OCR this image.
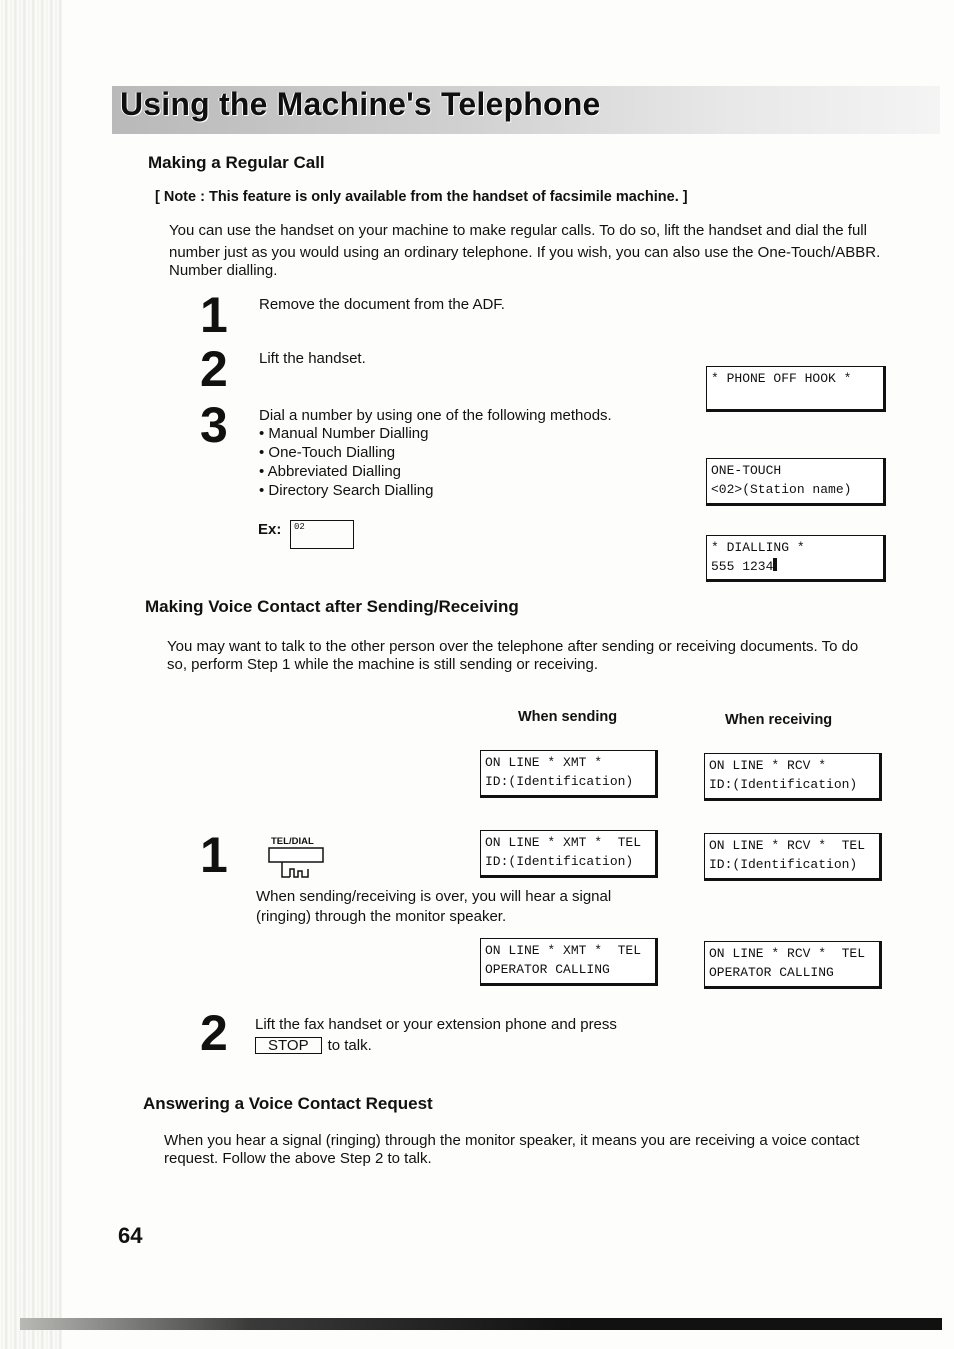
Using the Machine's Telephone
Making a Regular Call

[ Note : This feature is only available from the handset of facsimile machine. ]

You can use the handset on your machine to make regular calls. To do so, lift the handset and dial the full

number just as you would using an ordinary telephone. If you wish, you can also use the One-Touch/ABBR.

Number dialling.

1 Remove the document from the ADF.

2 Lift the handset.

3 Dial a number by using one of the following methods.

• Manual Number Dialling
• One-Touch Dialling
• Abbreviated Dialling
• Directory Search Dialling
Ex:	02
* PHONE OFF HOOK *
ONE-TOUCH
<02>(Station name)
* DIALLING *
555 1234
Making Voice Contact after Sending/Receiving

You may want to talk to the other person over the telephone after sending or receiving documents. To do

so, perform Step 1 while the machine is still sending or receiving.

When sending	When receiving
ON LINE * XMT *
ID:(Identification)
ON LINE * RCV *
ID:(Identification)
1	TEL/DIAL	ON LINE * XMT *  TEL
ID:(Identification)
ON LINE * RCV *  TEL
ID:(Identification)

When sending/receiving is over, you will hear a signal

(ringing) through the monitor speaker.

ON LINE * XMT *  TEL
OPERATOR CALLING
ON LINE * RCV *  TEL
OPERATOR CALLING
2 Lift the fax handset or your extension phone and press

STOP to talk.

Answering a Voice Contact Request

When you hear a signal (ringing) through the monitor speaker, it means you are receiving a voice contact

request. Follow the above Step 2 to talk.

64
